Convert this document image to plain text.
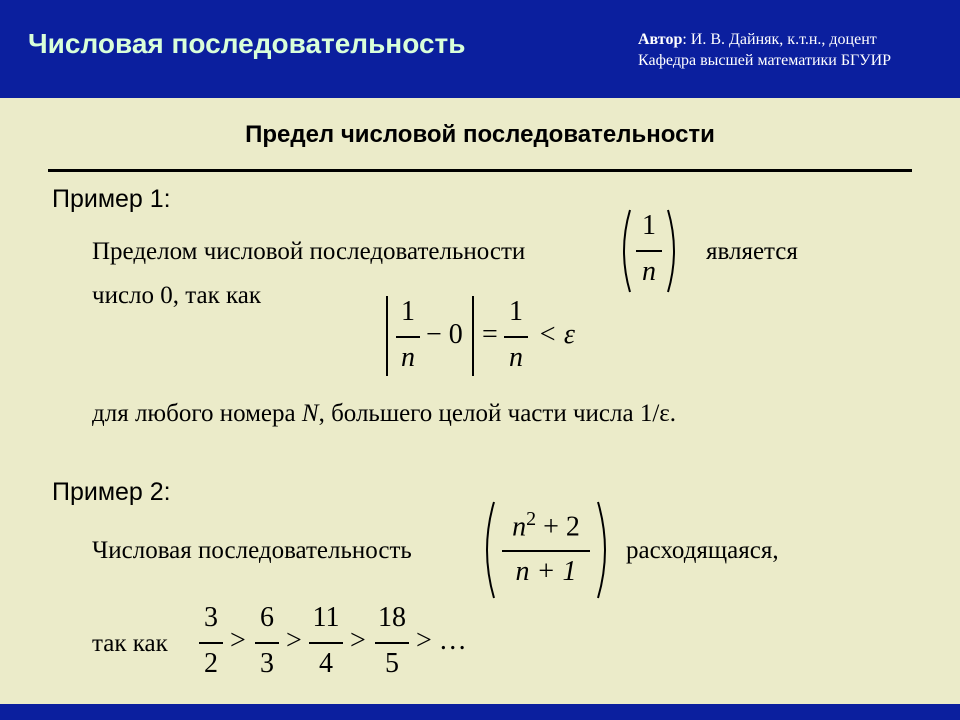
Числовая последовательность	Автор: И. В. Дайняк, к.т.н., доцент
Кафедра высшей математики БГУИР
Предел числовой последовательности
Пример 1:
Пределом числовой последовательности
1
n
является
число 0, так как
1
n
− 0 =
1
n
< ε
для любого номера N, большего целой части числа 1/ε.
Пример 2:
Числовая последовательность
$n^2 + 2$
n + 1
расходящаяся,
так как
3
2
>
6
3
>
11
4
>
18
5
> …
